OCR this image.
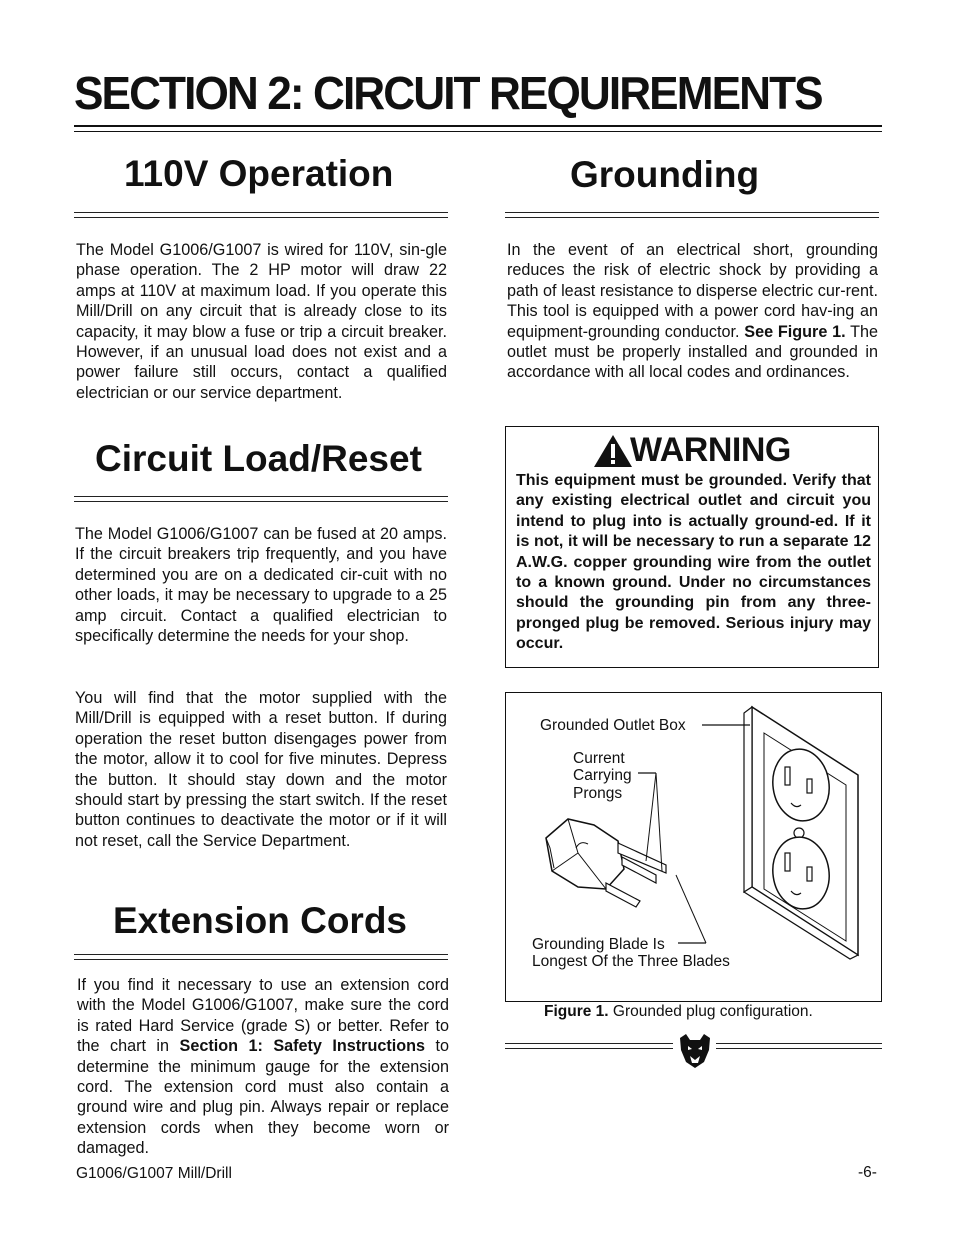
SECTION 2: CIRCUIT REQUIREMENTS
110V Operation

The Model G1006/G1007 is wired for 110V, sin-gle phase operation. The 2 HP motor will draw 22 amps at 110V at maximum load. If you operate this Mill/Drill on any circuit that is already close to its capacity, it may blow a fuse or trip a circuit breaker. However, if an unusual load does not exist and a power failure still occurs, contact a qualified electrician or our service department.

Circuit Load/Reset

The Model G1006/G1007 can be fused at 20 amps. If the circuit breakers trip frequently, and you have determined you are on a dedicated cir-cuit with no other loads, it may be necessary to upgrade to a 25 amp circuit. Contact a qualified electrician to specifically determine the needs for your shop.

You will find that the motor supplied with the Mill/Drill is equipped with a reset button. If during operation the reset button disengages power from the motor, allow it to cool for five minutes. Depress the button. It should stay down and the motor should start by pressing the start switch. If the reset button continues to deactivate the motor or if it will not reset, call the Service Department.

Extension Cords

If you find it necessary to use an extension cord with the Model G1006/G1007, make sure the cord is rated Hard Service (grade S) or better. Refer to the chart in Section 1: Safety Instructions to determine the minimum gauge for the extension cord. The extension cord must also contain a ground wire and plug pin. Always repair or replace extension cords when they become worn or damaged.

Grounding

In the event of an electrical short, grounding reduces the risk of electric shock by providing a path of least resistance to disperse electric cur-rent. This tool is equipped with a power cord hav-ing an equipment-grounding conductor. See Figure 1. The outlet must be properly installed and grounded in accordance with all local codes and ordinances.

WARNING

This equipment must be grounded. Verify that any existing electrical outlet and circuit you intend to plug into is actually ground-ed. If it is not, it will be necessary to run a separate 12 A.W.G. copper grounding wire from the outlet to a known ground. Under no circumstances should the grounding pin from any three-pronged plug be removed. Serious injury may occur.

Grounded Outlet Box
Current
Carrying
Prongs
Grounding Blade Is
Longest Of the Three Blades
Figure 1. Grounded plug configuration.
G1006/G1007 Mill/Drill	-6-
